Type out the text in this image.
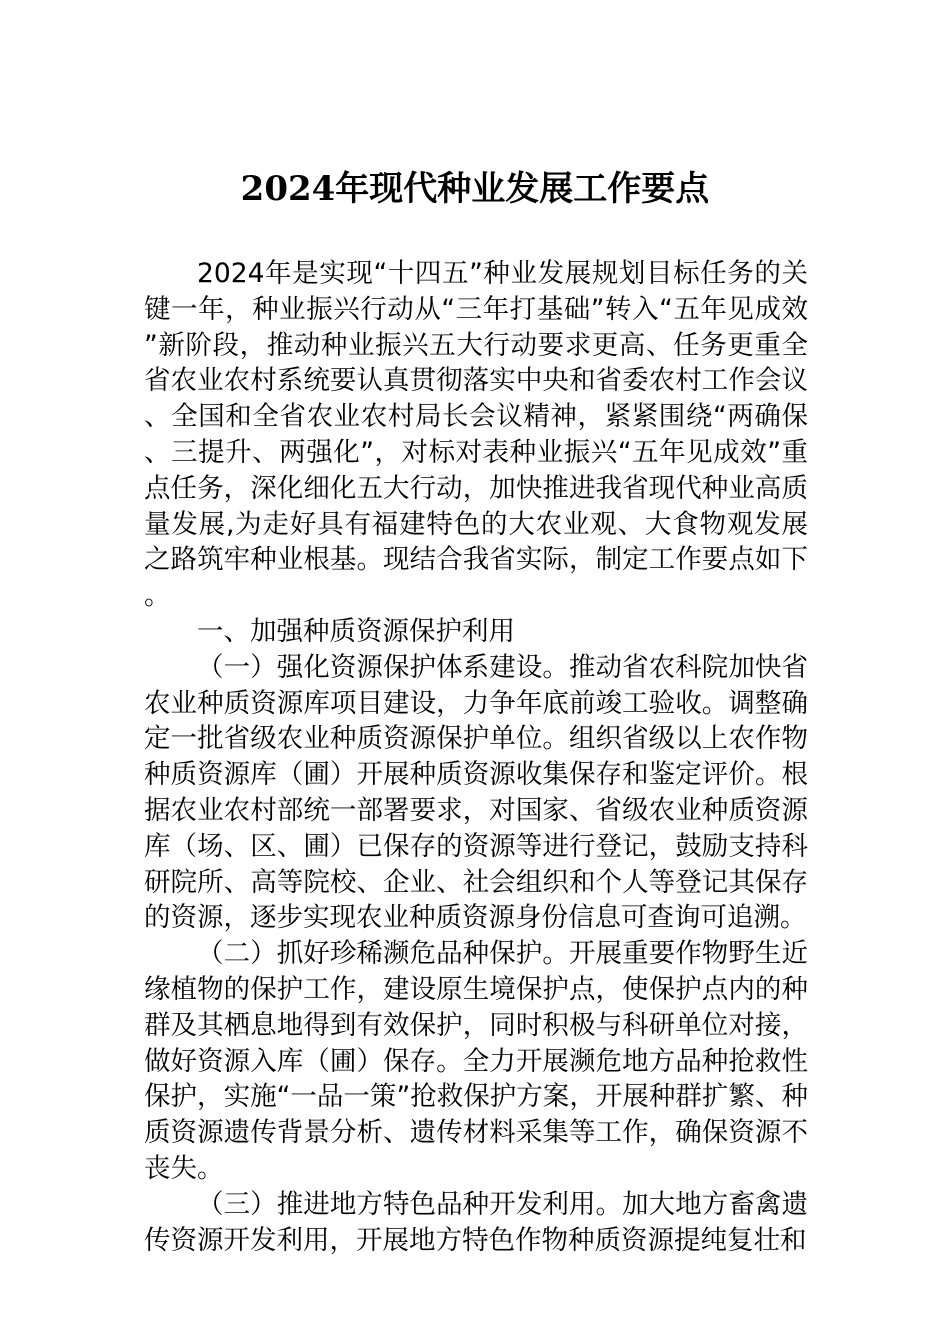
2024年现代种业发展工作要点

2024年是实现“十四五”种业发展规划目标任务的关键一年，种业振兴行动从“三年打基础”转入“五年见成效”新阶段，推动种业振兴五大行动要求更高、任务更重全省农业农村系统要认真贯彻落实中央和省委农村工作会议、全国和全省农业农村局长会议精神，紧紧围绕“两确保、三提升、两强化”，对标对表种业振兴“五年见成效”重点任务，深化细化五大行动，加快推进我省现代种业高质量发展,为走好具有福建特色的大农业观、大食物观发展之路筑牢种业根基。现结合我省实际，制定工作要点如下。

一、加强种质资源保护利用

（一）强化资源保护体系建设。推动省农科院加快省农业种质资源库项目建设，力争年底前竣工验收。调整确定一批省级农业种质资源保护单位。组织省级以上农作物种质资源库（圃）开展种质资源收集保存和鉴定评价。根据农业农村部统一部署要求，对国家、省级农业种质资源库（场、区、圃）已保存的资源等进行登记，鼓励支持科研院所、高等院校、企业、社会组织和个人等登记其保存的资源，逐步实现农业种质资源身份信息可查询可追溯。

（二）抓好珍稀濒危品种保护。开展重要作物野生近缘植物的保护工作，建设原生境保护点，使保护点内的种群及其栖息地得到有效保护，同时积极与科研单位对接，做好资源入库（圃）保存。全力开展濒危地方品种抢救性保护，实施“一品一策”抢救保护方案，开展种群扩繁、种质资源遗传背景分析、遗传材料采集等工作，确保资源不丧失。

（三）推进地方特色品种开发利用。加大地方畜禽遗传资源开发利用，开展地方特色作物种质资源提纯复壮和
